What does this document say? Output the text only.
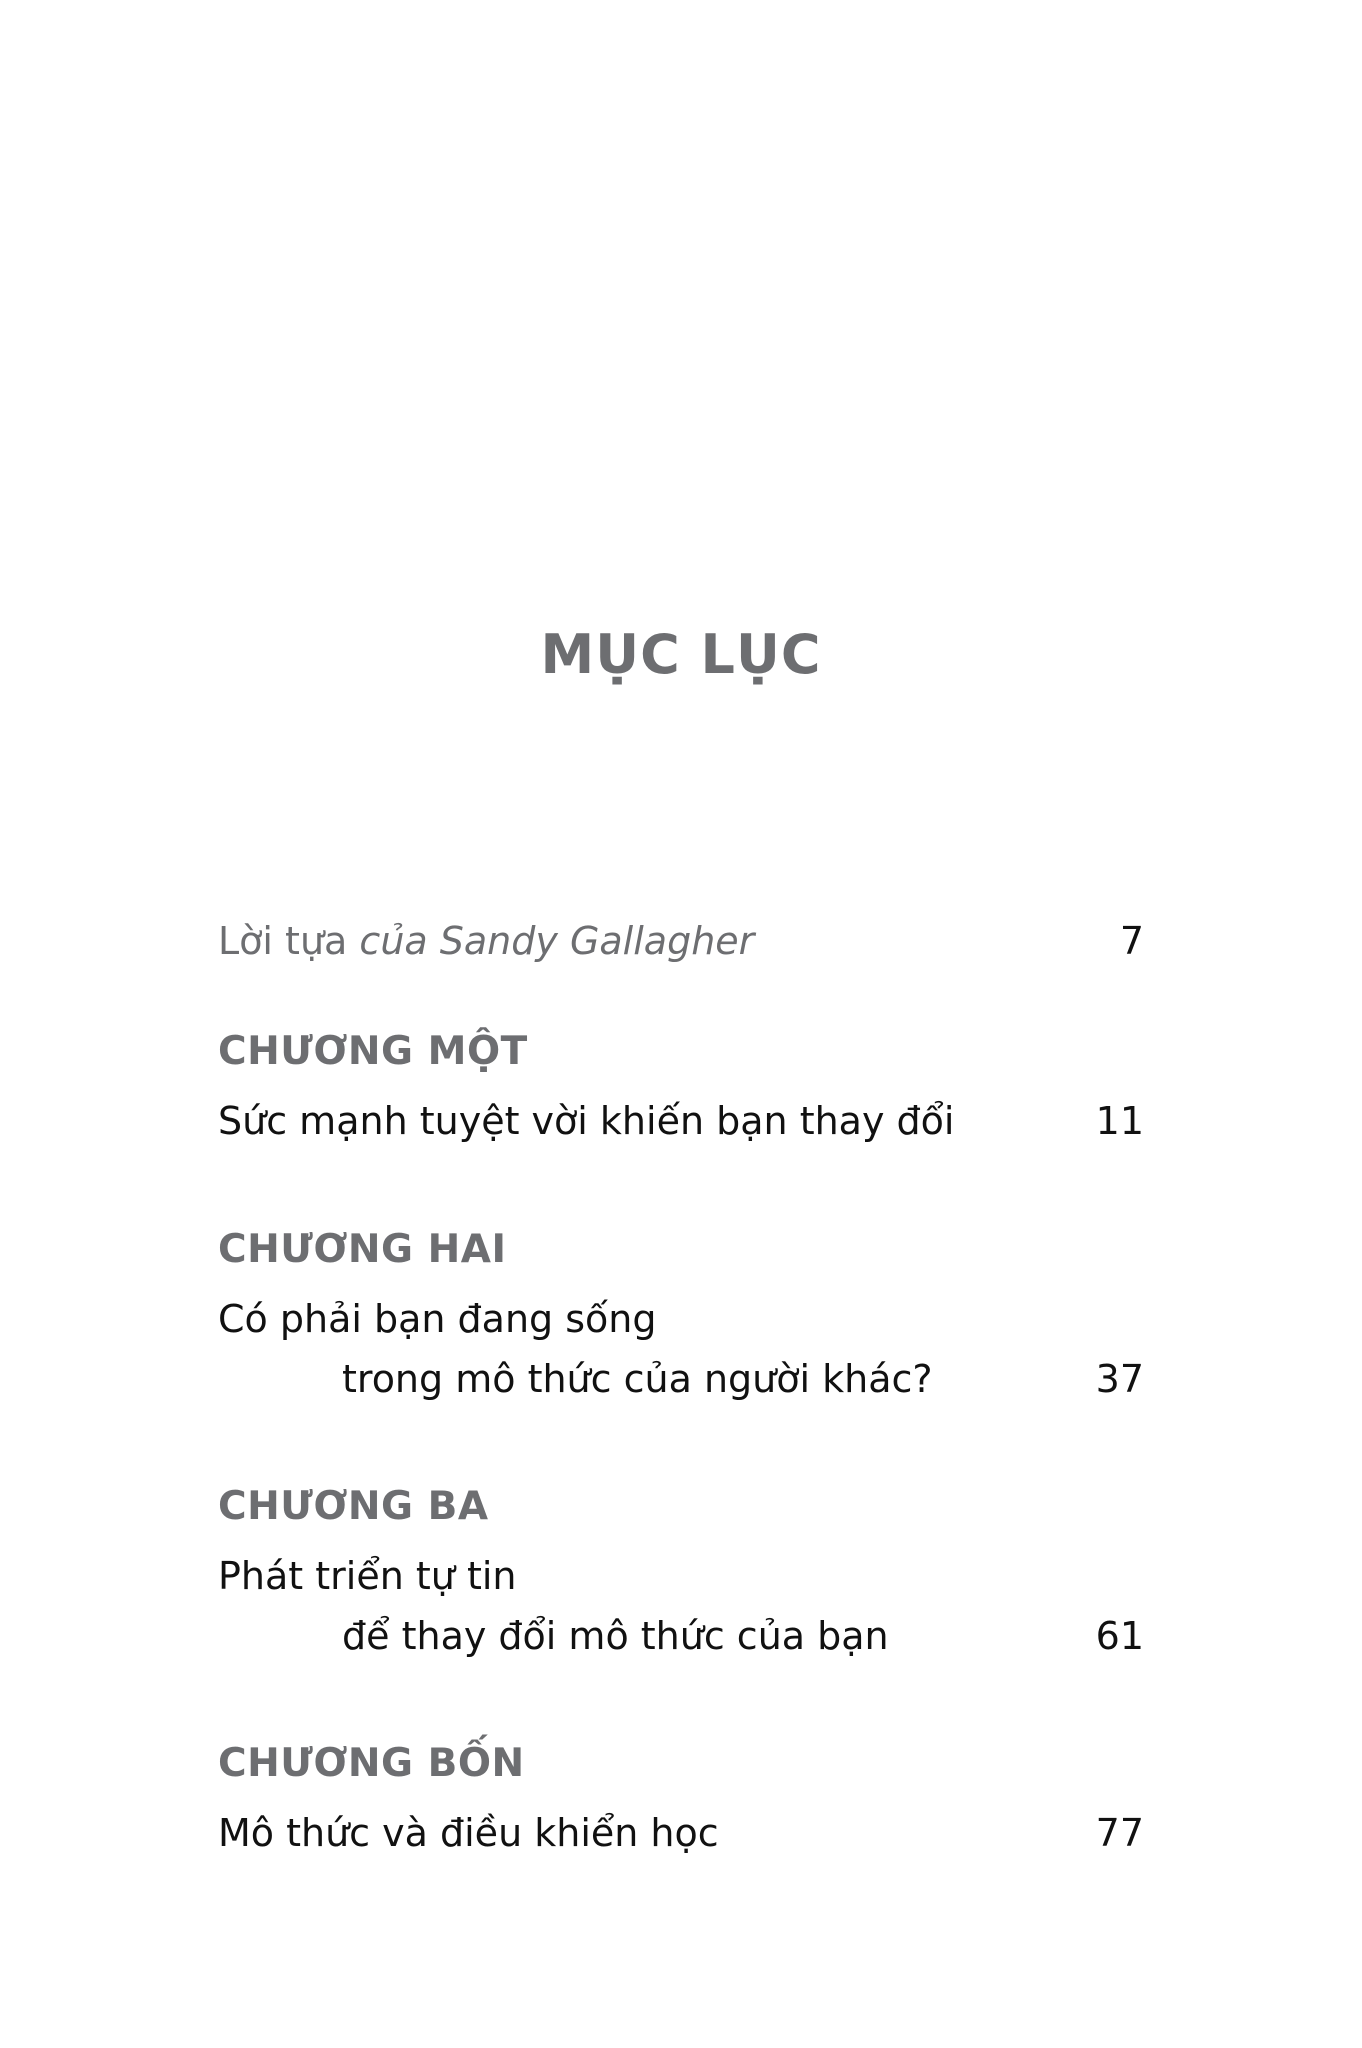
MỤC LỤC
Lời tựa của Sandy Gallagher	7
CHƯƠNG MỘT
Sức mạnh tuyệt vời khiến bạn thay đổi	11
CHƯƠNG HAI
Có phải bạn đang sống
trong mô thức của người khác?	37
CHƯƠNG BA
Phát triển tự tin
để thay đổi mô thức của bạn	61
CHƯƠNG BỐN
Mô thức và điều khiển học	77
